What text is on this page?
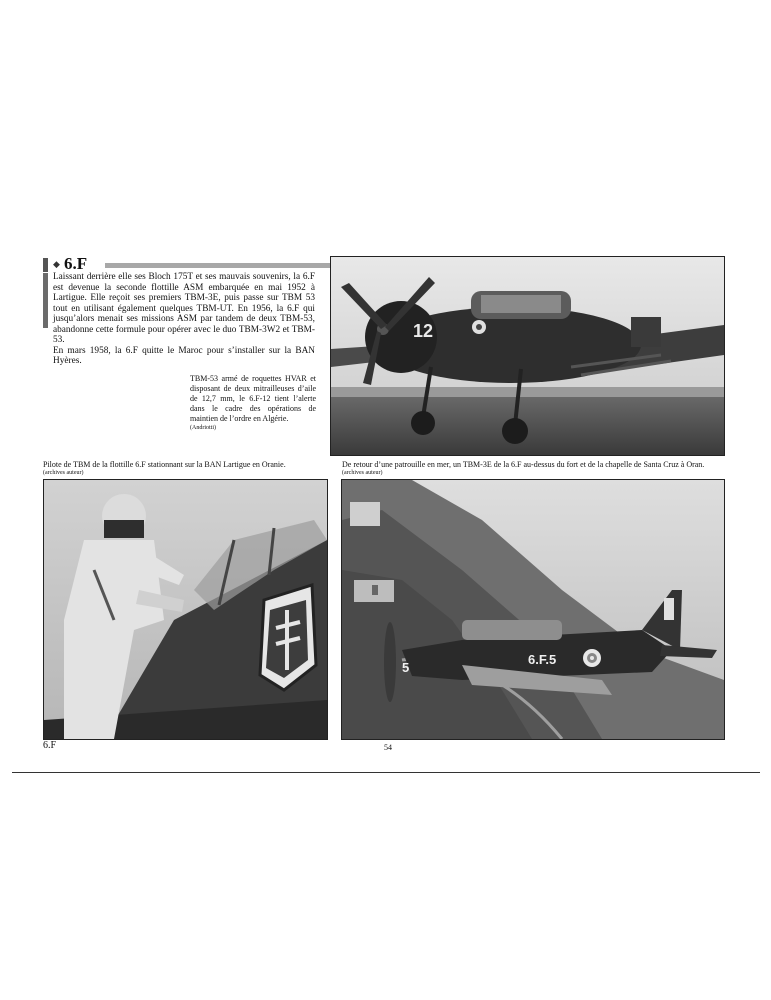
◆ 6.F
Laissant derrière elle ses Bloch 175T et ses mauvais souvenirs, la 6.F est devenue la seconde flottille ASM embarquée en mai 1952 à Lartigue. Elle reçoit ses premiers TBM-3E, puis passe sur TBM 53 tout en utilisant également quelques TBM-UT. En 1956, la 6.F qui jusqu’alors menait ses missions ASM par tandem de deux TBM-53, abandonne cette formule pour opérer avec le duo TBM-3W2 et TBM-53.
En mars 1958, la 6.F quitte le Maroc pour s’installer sur la BAN Hyères.

TBM-53 armé de roquettes HVAR et disposant de deux mitrailleuses d’aile de 12,7 mm, le 6.F-12 tient l’alerte dans le cadre des opérations de maintien de l’ordre en Algérie.
(Andriotti)

12

Pilote de TBM de la flottille 6.F stationnant sur la BAN Lartigue en Oranie.
(archives auteur)

De retour d’une patrouille en mer, un TBM-3E de la 6.F au-dessus du fort et de la chapelle de Santa Cruz à Oran.
(archives auteur)

6.F.5
5
6.F	54
